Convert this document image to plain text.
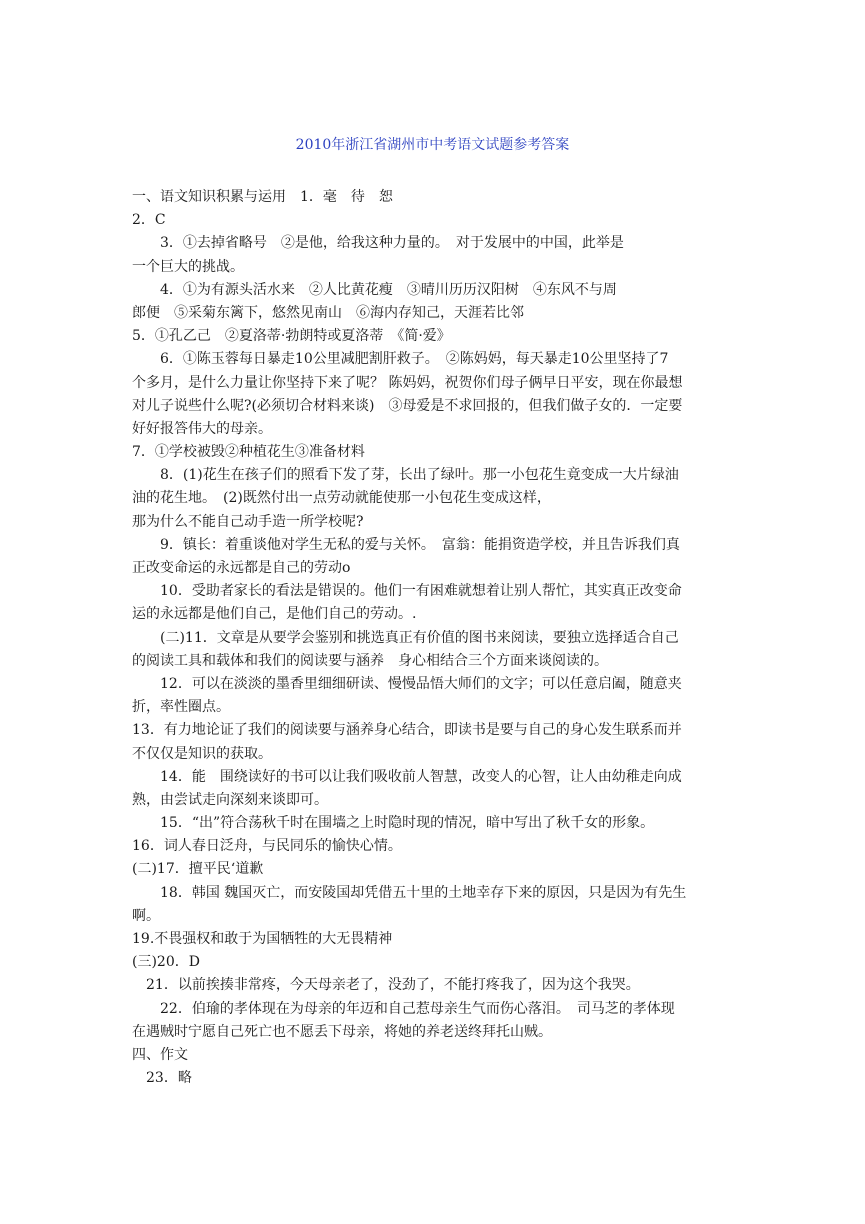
2010年浙江省湖州市中考语文试题参考答案
一、语文知识积累与运用　1．毫　待　恕
2．C
　　3．①去掉省略号　②是他，给我这种力量的。　对于发展中的中国，此举是
一个巨大的挑战。
　　4．①为有源头活水来　②人比黄花瘦　③晴川历历汉阳树　④东风不与周
郎便　⑤采菊东篱下，悠然见南山　⑥海内存知己，天涯若比邻
5．①孔乙己　②夏洛蒂·勃朗特或夏洛蒂　《简·爱》
　　6．①陈玉蓉每日暴走10公里减肥割肝救子。　②陈妈妈，每天暴走10公里坚持了7
个多月，是什么力量让你坚持下来了呢？ 陈妈妈，祝贺你们母子俩早日平安，现在你最想
对儿子说些什么呢?(必须切合材料来谈)　③母爱是不求回报的，但我们做子女的．一定要
好好报答伟大的母亲。
7．①学校被毁②种植花生③准备材料
　　8．(1)花生在孩子们的照看下发了芽，长出了绿叶。那一小包花生竟变成一大片绿油
油的花生地。　(2)既然付出一点劳动就能使那一小包花生变成这样，
那为什么不能自己动手造一所学校呢?
　　9．镇长：着重谈他对学生无私的爱与关怀。　富翁：能捐资造学校，并且告诉我们真
正改变命运的永远都是自己的劳动o
　　10．受助者家长的看法是错误的。他们一有困难就想着让别人帮忙，其实真正改变命
运的永远都是他们自己，是他们自己的劳动。.
　　(二)11．文章是从要学会鉴别和挑选真正有价值的图书来阅读，要独立选择适合自己
的阅读工具和载体和我们的阅读要与涵养　身心相结合三个方面来谈阅读的。
　　12．可以在淡淡的墨香里细细研读、慢慢品悟大师们的文字；可以任意启阖，随意夹
折，率性圈点。
13．有力地论证了我们的阅读要与涵养身心结合，即读书是要与自己的身心发生联系而并
不仅仅是知识的获取。
　　14．能　围绕读好的书可以让我们吸收前人智慧，改变人的心智，让人由幼稚走向成
熟，由尝试走向深刻来谈即可。
　　15．“出”符合荡秋千时在围墙之上时隐时现的情况，暗中写出了秋千女的形象。
16．词人春日泛舟，与民同乐的愉快心情。
(二)17．擅平民‘道歉
　　18．韩国 魏国灭亡，而安陵国却凭借五十里的土地幸存下来的原因，只是因为有先生
啊。
19.不畏强权和敢于为国牺牲的大无畏精神
(三)20．D
　21．以前挨揍非常疼，今天母亲老了，没劲了，不能打疼我了，因为这个我哭。
　　22．伯瑜的孝体现在为母亲的年迈和自己惹母亲生气而伤心落泪。　司马芝的孝体现
在遇贼时宁愿自己死亡也不愿丢下母亲，将她的养老送终拜托山贼。
四、作文
　23．略
